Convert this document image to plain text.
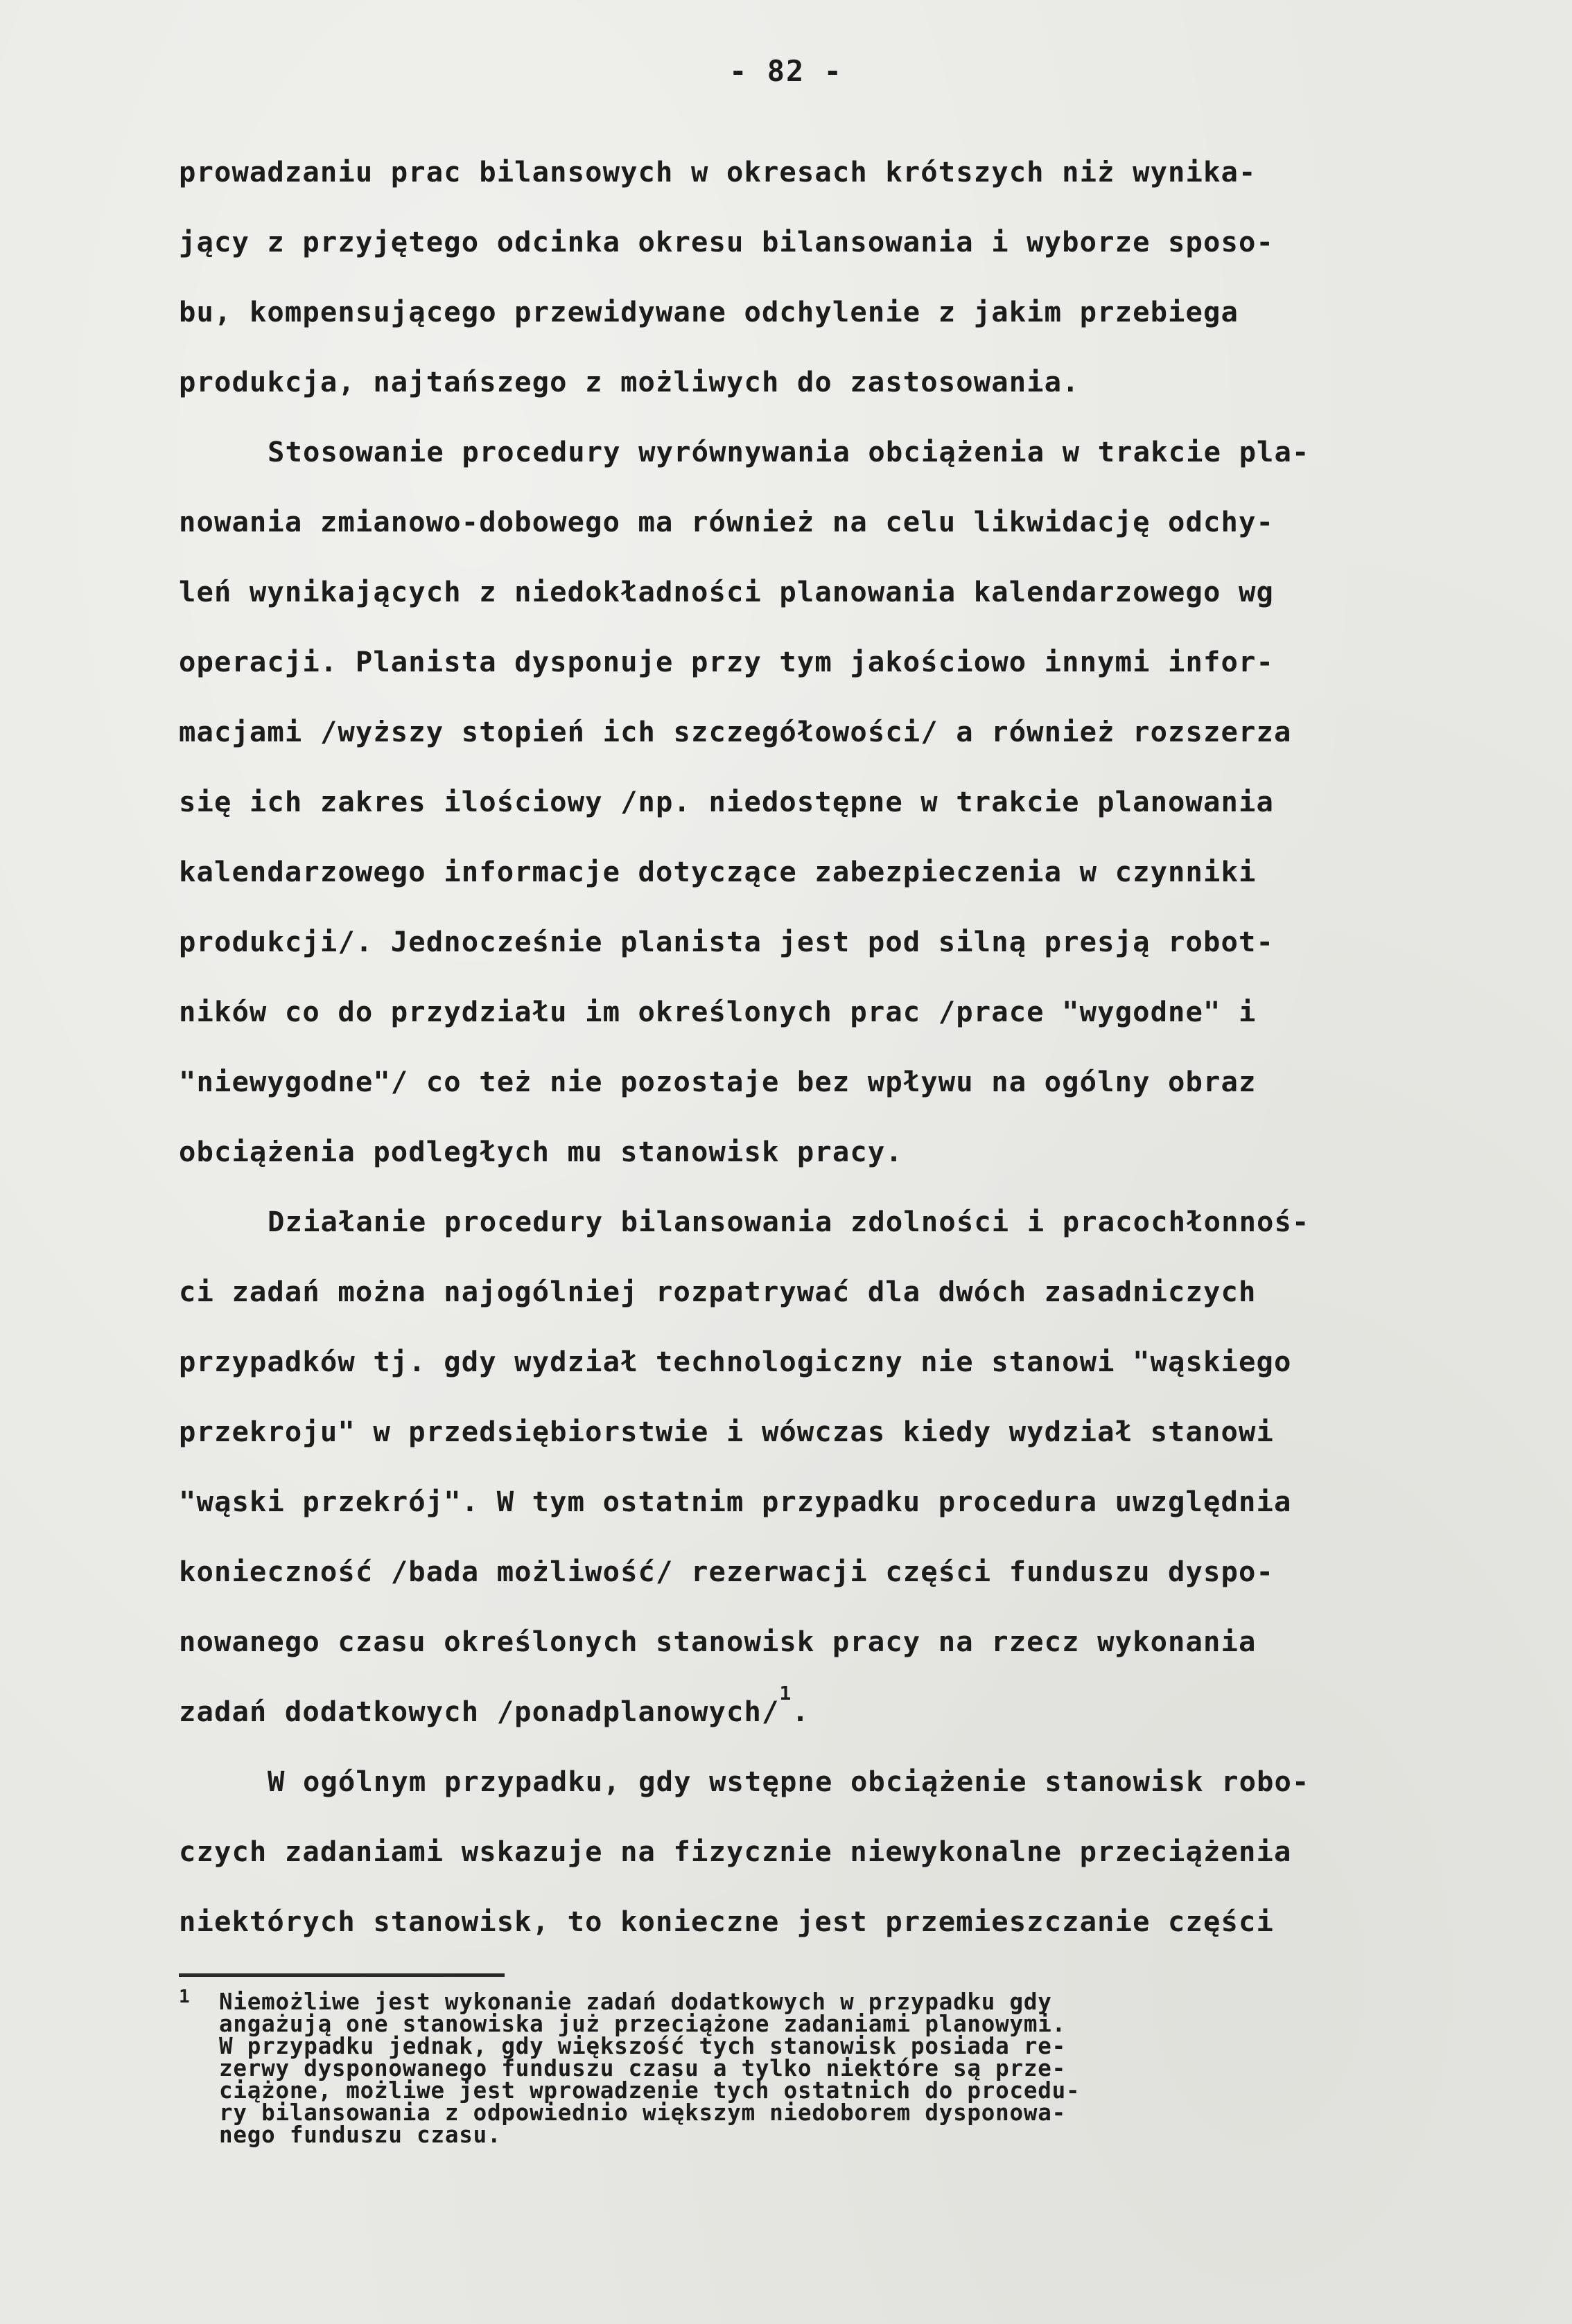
- 82 -
prowadzaniu prac bilansowych w okresach krótszych niż wynika-
jący z przyjętego odcinka okresu bilansowania i wyborze sposo-
bu, kompensującego przewidywane odchylenie z jakim przebiega
produkcja, najtańszego z możliwych do zastosowania.
Stosowanie procedury wyrównywania obciążenia w trakcie pla-
nowania zmianowo-dobowego ma również na celu likwidację odchy-
leń wynikających z niedokładności planowania kalendarzowego wg
operacji. Planista dysponuje przy tym jakościowo innymi infor-
macjami /wyższy stopień ich szczegółowości/ a również rozszerza
się ich zakres ilościowy /np. niedostępne w trakcie planowania
kalendarzowego informacje dotyczące zabezpieczenia w czynniki
produkcji/. Jednocześnie planista jest pod silną presją robot-
ników co do przydziału im określonych prac /prace "wygodne" i
"niewygodne"/ co też nie pozostaje bez wpływu na ogólny obraz
obciążenia podległych mu stanowisk pracy.
Działanie procedury bilansowania zdolności i pracochłonnoś-
ci zadań można najogólniej rozpatrywać dla dwóch zasadniczych
przypadków tj. gdy wydział technologiczny nie stanowi "wąskiego
przekroju" w przedsiębiorstwie i wówczas kiedy wydział stanowi
"wąski przekrój". W tym ostatnim przypadku procedura uwzględnia
konieczność /bada możliwość/ rezerwacji części funduszu dyspo-
nowanego czasu określonych stanowisk pracy na rzecz wykonania
zadań dodatkowych /ponadplanowych/$^1$.
W ogólnym przypadku, gdy wstępne obciążenie stanowisk robo-
czych zadaniami wskazuje na fizycznie niewykonalne przeciążenia
niektórych stanowisk, to konieczne jest przemieszczanie części
1	Niemożliwe jest wykonanie zadań dodatkowych w przypadku gdy
angażują one stanowiska już przeciążone zadaniami planowymi.
W przypadku jednak, gdy większość tych stanowisk posiada re-
zerwy dysponowanego funduszu czasu a tylko niektóre są prze-
ciążone, możliwe jest wprowadzenie tych ostatnich do procedu-
ry bilansowania z odpowiednio większym niedoborem dysponowa-
nego funduszu czasu.
